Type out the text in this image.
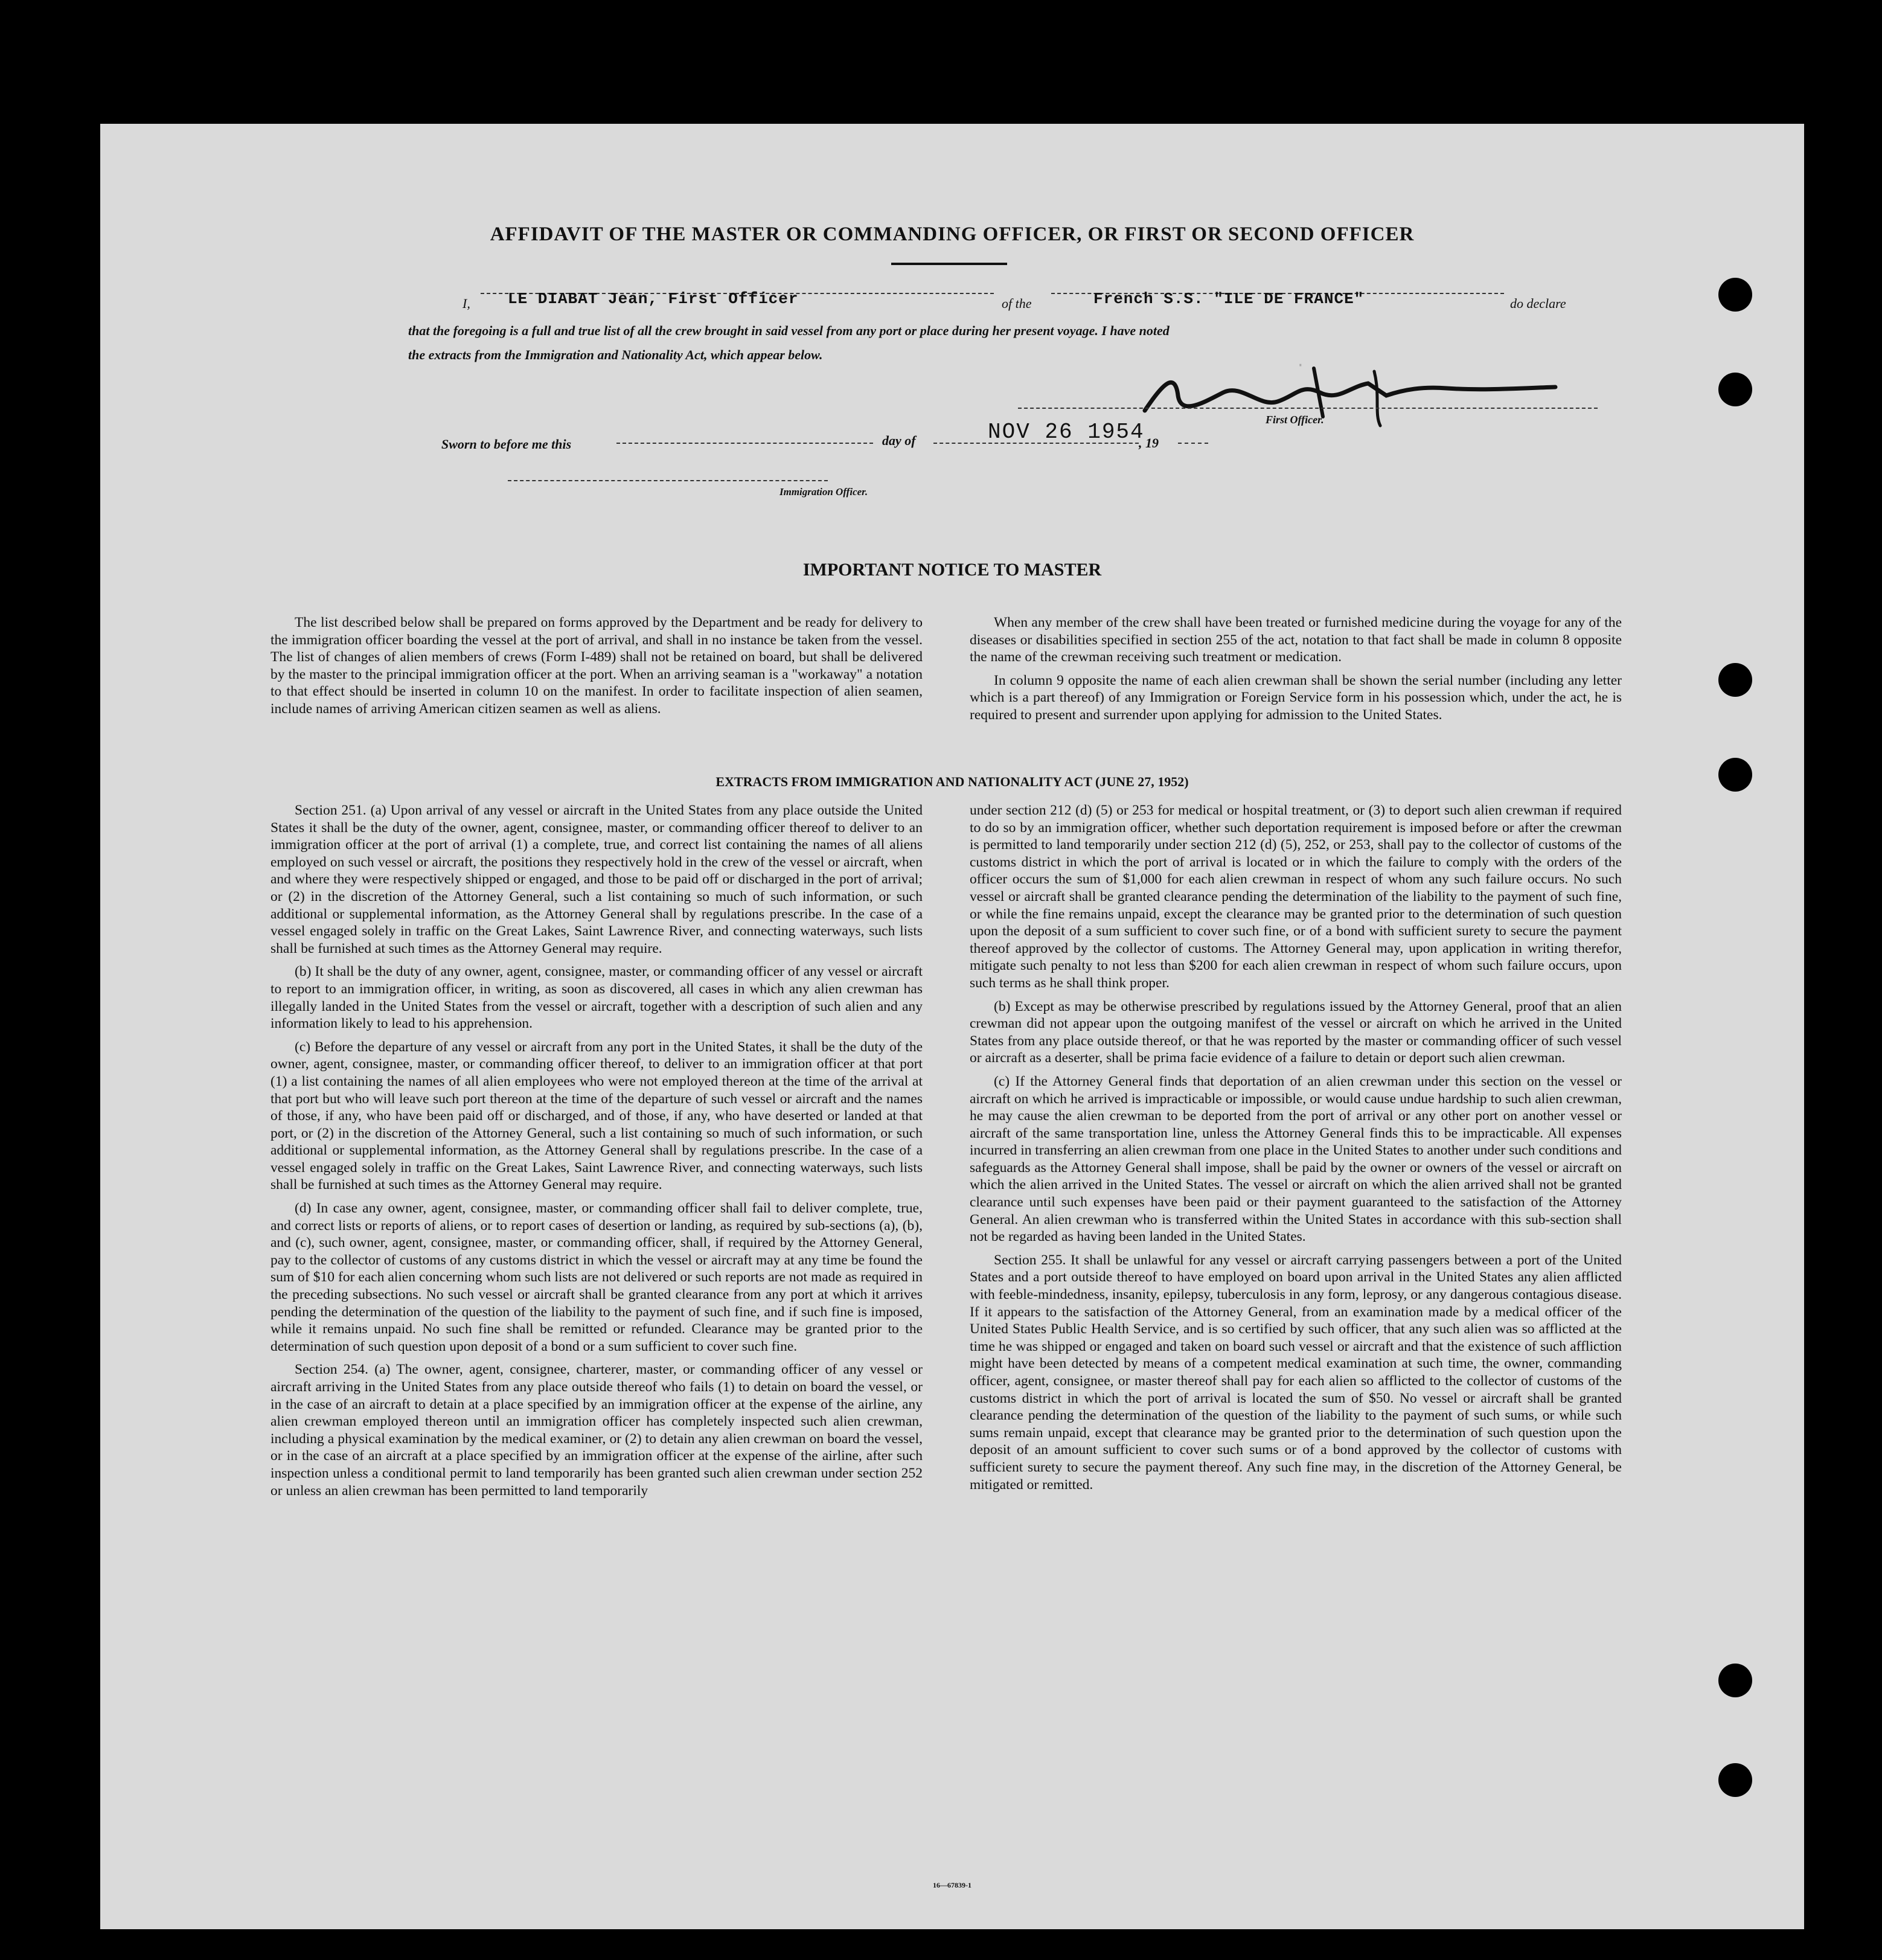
·
AFFIDAVIT OF THE MASTER OR COMMANDING OFFICER, OR FIRST OR SECOND OFFICER
I, LE DIABAT Jean, First Officer	of the	French S.S. "ILE DE FRANCE"	do declare
that the foregoing is a full and true list of all the crew brought in said vessel from any port or place during her present voyage. I have noted
the extracts from the Immigration and Nationality Act, which appear below.
First Officer.
Sworn to before me this	day of	NOV 26 1954
, 19
Immigration Officer.
IMPORTANT NOTICE TO MASTER

The list described below shall be prepared on forms approved by the Department and be ready for delivery to the immigration officer boarding the vessel at the port of arrival, and shall in no instance be taken from the vessel. The list of changes of alien members of crews (Form I-489) shall not be retained on board, but shall be delivered by the master to the principal immigration officer at the port. When an arriving seaman is a "workaway" a notation to that effect should be inserted in column 10 on the manifest. In order to facilitate inspection of alien seamen, include names of arriving American citizen seamen as well as aliens.

When any member of the crew shall have been treated or furnished medicine during the voyage for any of the diseases or disabilities specified in section 255 of the act, notation to that fact shall be made in column 8 opposite the name of the crewman receiving such treatment or medication.

In column 9 opposite the name of each alien crewman shall be shown the serial number (including any letter which is a part thereof) of any Immigration or Foreign Service form in his possession which, under the act, he is required to present and surrender upon applying for admission to the United States.

EXTRACTS FROM IMMIGRATION AND NATIONALITY ACT (JUNE 27, 1952)

Section 251. (a) Upon arrival of any vessel or aircraft in the United States from any place outside the United States it shall be the duty of the owner, agent, consignee, master, or commanding officer thereof to deliver to an immigration officer at the port of arrival (1) a complete, true, and correct list containing the names of all aliens employed on such vessel or aircraft, the positions they respectively hold in the crew of the vessel or aircraft, when and where they were respectively shipped or engaged, and those to be paid off or discharged in the port of arrival; or (2) in the discretion of the Attorney General, such a list containing so much of such information, or such additional or supplemental information, as the Attorney General shall by regulations prescribe. In the case of a vessel engaged solely in traffic on the Great Lakes, Saint Lawrence River, and connecting waterways, such lists shall be furnished at such times as the Attorney General may require.

(b) It shall be the duty of any owner, agent, consignee, master, or commanding officer of any vessel or aircraft to report to an immigration officer, in writing, as soon as discovered, all cases in which any alien crewman has illegally landed in the United States from the vessel or aircraft, together with a description of such alien and any information likely to lead to his apprehension.

(c) Before the departure of any vessel or aircraft from any port in the United States, it shall be the duty of the owner, agent, consignee, master, or commanding officer thereof, to deliver to an immigration officer at that port (1) a list containing the names of all alien employees who were not employed thereon at the time of the arrival at that port but who will leave such port thereon at the time of the departure of such vessel or aircraft and the names of those, if any, who have been paid off or discharged, and of those, if any, who have deserted or landed at that port, or (2) in the discretion of the Attorney General, such a list containing so much of such information, or such additional or supplemental information, as the Attorney General shall by regulations prescribe. In the case of a vessel engaged solely in traffic on the Great Lakes, Saint Lawrence River, and connecting waterways, such lists shall be furnished at such times as the Attorney General may require.

(d) In case any owner, agent, consignee, master, or commanding officer shall fail to deliver complete, true, and correct lists or reports of aliens, or to report cases of desertion or landing, as required by sub-sections (a), (b), and (c), such owner, agent, consignee, master, or commanding officer, shall, if required by the Attorney General, pay to the collector of customs of any customs district in which the vessel or aircraft may at any time be found the sum of $10 for each alien concerning whom such lists are not delivered or such reports are not made as required in the preceding subsections. No such vessel or aircraft shall be granted clearance from any port at which it arrives pending the determination of the question of the liability to the payment of such fine, and if such fine is imposed, while it remains unpaid. No such fine shall be remitted or refunded. Clearance may be granted prior to the determination of such question upon deposit of a bond or a sum sufficient to cover such fine.

Section 254. (a) The owner, agent, consignee, charterer, master, or commanding officer of any vessel or aircraft arriving in the United States from any place outside thereof who fails (1) to detain on board the vessel, or in the case of an aircraft to detain at a place specified by an immigration officer at the expense of the airline, any alien crewman employed thereon until an immigration officer has completely inspected such alien crewman, including a physical examination by the medical examiner, or (2) to detain any alien crewman on board the vessel, or in the case of an aircraft at a place specified by an immigration officer at the expense of the airline, after such inspection unless a conditional permit to land temporarily has been granted such alien crewman under section 252 or unless an alien crewman has been permitted to land temporarily

under section 212 (d) (5) or 253 for medical or hospital treatment, or (3) to deport such alien crewman if required to do so by an immigration officer, whether such deportation requirement is imposed before or after the crewman is permitted to land temporarily under section 212 (d) (5), 252, or 253, shall pay to the collector of customs of the customs district in which the port of arrival is located or in which the failure to comply with the orders of the officer occurs the sum of $1,000 for each alien crewman in respect of whom any such failure occurs. No such vessel or aircraft shall be granted clearance pending the determination of the liability to the payment of such fine, or while the fine remains unpaid, except the clearance may be granted prior to the determination of such question upon the deposit of a sum sufficient to cover such fine, or of a bond with sufficient surety to secure the payment thereof approved by the collector of customs. The Attorney General may, upon application in writing therefor, mitigate such penalty to not less than $200 for each alien crewman in respect of whom such failure occurs, upon such terms as he shall think proper.

(b) Except as may be otherwise prescribed by regulations issued by the Attorney General, proof that an alien crewman did not appear upon the outgoing manifest of the vessel or aircraft on which he arrived in the United States from any place outside thereof, or that he was reported by the master or commanding officer of such vessel or aircraft as a deserter, shall be prima facie evidence of a failure to detain or deport such alien crewman.

(c) If the Attorney General finds that deportation of an alien crewman under this section on the vessel or aircraft on which he arrived is impracticable or impossible, or would cause undue hardship to such alien crewman, he may cause the alien crewman to be deported from the port of arrival or any other port on another vessel or aircraft of the same transportation line, unless the Attorney General finds this to be impracticable. All expenses incurred in transferring an alien crewman from one place in the United States to another under such conditions and safeguards as the Attorney General shall impose, shall be paid by the owner or owners of the vessel or aircraft on which the alien arrived in the United States. The vessel or aircraft on which the alien arrived shall not be granted clearance until such expenses have been paid or their payment guaranteed to the satisfaction of the Attorney General. An alien crewman who is transferred within the United States in accordance with this sub-section shall not be regarded as having been landed in the United States.

Section 255. It shall be unlawful for any vessel or aircraft carrying passengers between a port of the United States and a port outside thereof to have employed on board upon arrival in the United States any alien afflicted with feeble-mindedness, insanity, epilepsy, tuberculosis in any form, leprosy, or any dangerous contagious disease. If it appears to the satisfaction of the Attorney General, from an examination made by a medical officer of the United States Public Health Service, and is so certified by such officer, that any such alien was so afflicted at the time he was shipped or engaged and taken on board such vessel or aircraft and that the existence of such affliction might have been detected by means of a competent medical examination at such time, the owner, commanding officer, agent, consignee, or master thereof shall pay for each alien so afflicted to the collector of customs of the customs district in which the port of arrival is located the sum of $50. No vessel or aircraft shall be granted clearance pending the determination of the question of the liability to the payment of such sums, or while such sums remain unpaid, except that clearance may be granted prior to the determination of such question upon the deposit of an amount sufficient to cover such sums or of a bond approved by the collector of customs with sufficient surety to secure the payment thereof. Any such fine may, in the discretion of the Attorney General, be mitigated or remitted.

16—67839-1
